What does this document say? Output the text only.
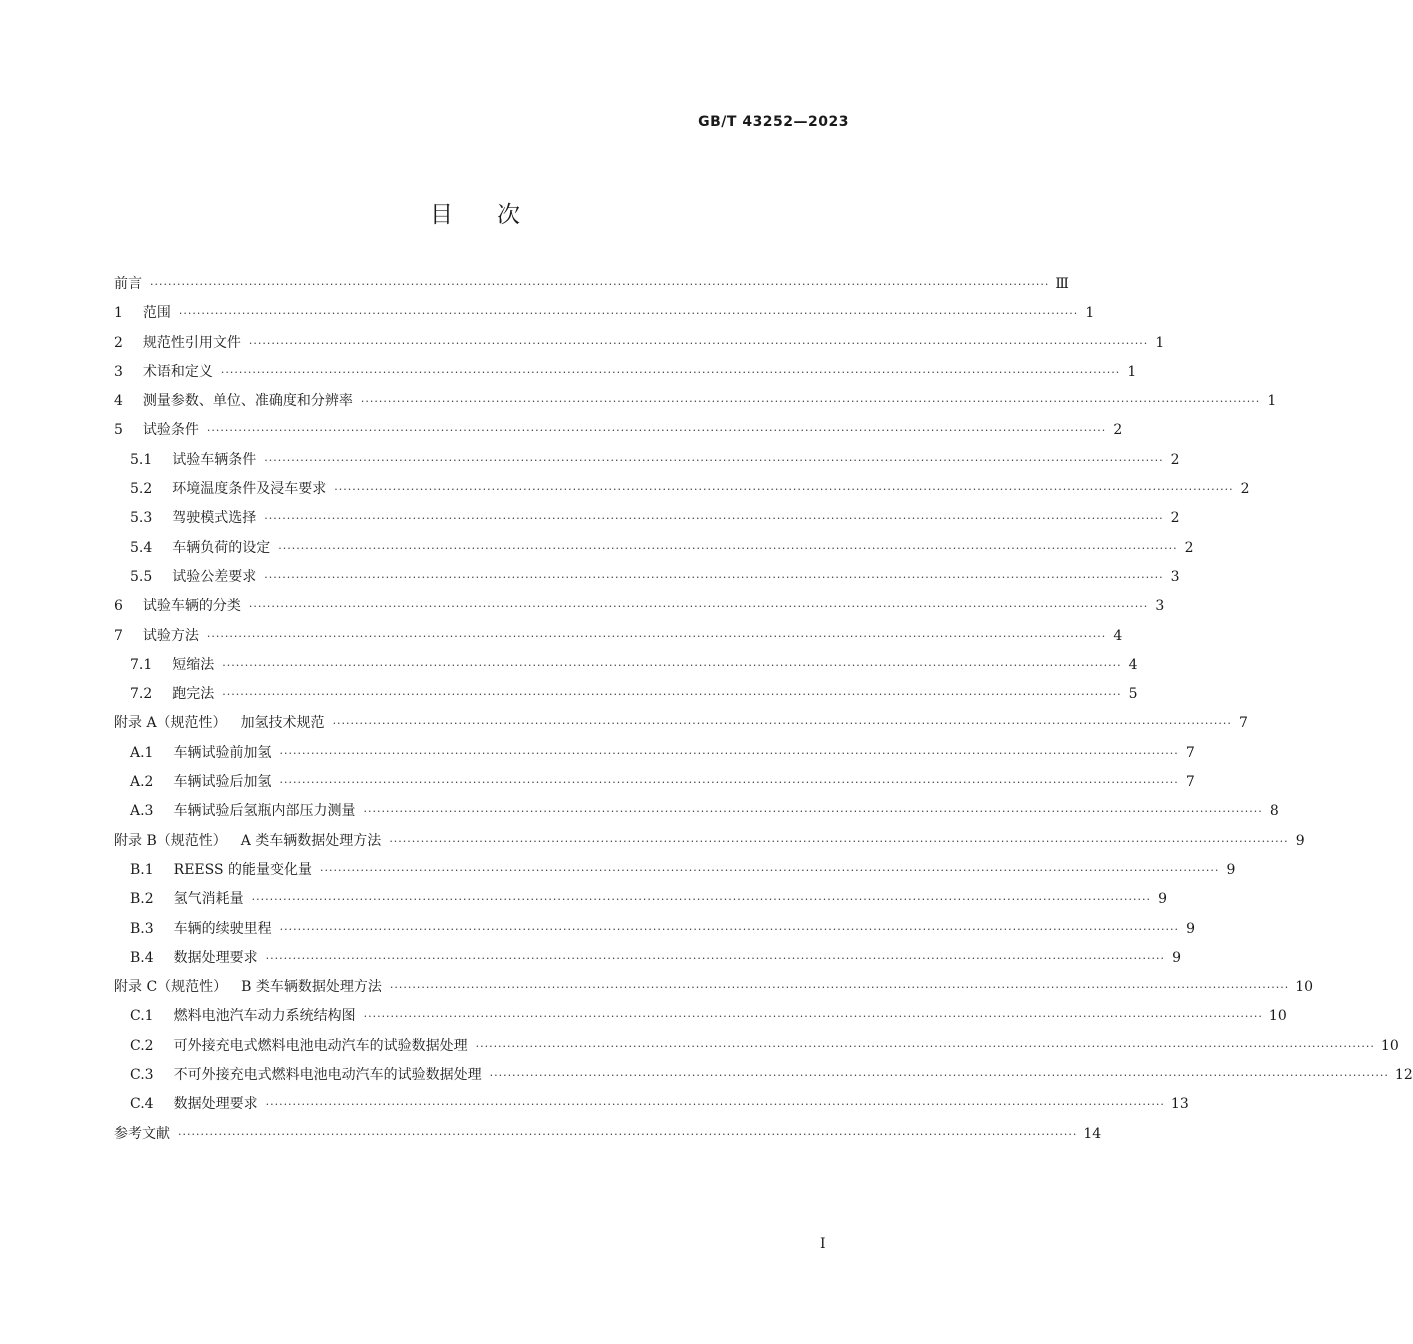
GB/T 43252—2023
目次
前言 ········································································································································································································ Ⅲ
1 范围 ········································································································································································································ 1
2 规范性引用文件 ········································································································································································································ 1
3 术语和定义 ········································································································································································································ 1
4 测量参数、单位、准确度和分辨率 ········································································································································································································ 1
5 试验条件 ········································································································································································································ 2
5.1 试验车辆条件 ········································································································································································································ 2
5.2 环境温度条件及浸车要求 ········································································································································································································ 2
5.3 驾驶模式选择 ········································································································································································································ 2
5.4 车辆负荷的设定 ········································································································································································································ 2
5.5 试验公差要求 ········································································································································································································ 3
6 试验车辆的分类 ········································································································································································································ 3
7 试验方法 ········································································································································································································ 4
7.1 短缩法 ········································································································································································································ 4
7.2 跑完法 ········································································································································································································ 5
附录 A（规范性） 加氢技术规范 ········································································································································································································ 7
A.1 车辆试验前加氢 ········································································································································································································ 7
A.2 车辆试验后加氢 ········································································································································································································ 7
A.3 车辆试验后氢瓶内部压力测量 ········································································································································································································ 8
附录 B（规范性） A 类车辆数据处理方法 ········································································································································································································ 9
B.1 REESS 的能量变化量 ········································································································································································································ 9
B.2 氢气消耗量 ········································································································································································································ 9
B.3 车辆的续驶里程 ········································································································································································································ 9
B.4 数据处理要求 ········································································································································································································ 9
附录 C（规范性） B 类车辆数据处理方法 ········································································································································································································ 10
C.1 燃料电池汽车动力系统结构图 ········································································································································································································ 10
C.2 可外接充电式燃料电池电动汽车的试验数据处理 ········································································································································································································ 10
C.3 不可外接充电式燃料电池电动汽车的试验数据处理 ········································································································································································································ 12
C.4 数据处理要求 ········································································································································································································ 13
参考文献 ········································································································································································································ 14
I
